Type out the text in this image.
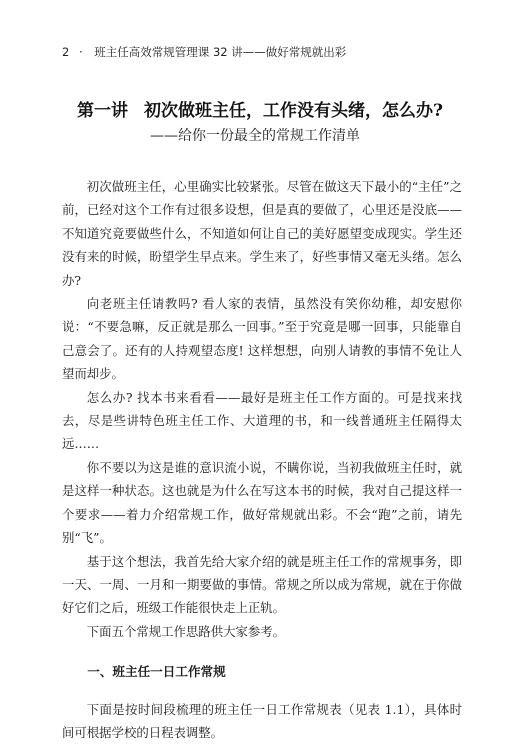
2 · 班主任高效常规管理课 32 讲——做好常规就出彩
第一讲 初次做班主任，工作没有头绪，怎么办?
——给你一份最全的常规工作清单

初次做班主任，心里确实比较紧张。尽管在做这天下最小的“主任”之前，已经对这个工作有过很多设想，但是真的要做了，心里还是没底——不知道究竟要做些什么，不知道如何让自己的美好愿望变成现实。学生还没有来的时候，盼望学生早点来。学生来了，好些事情又毫无头绪。怎么办?

向老班主任请教吗? 看人家的表情，虽然没有笑你幼稚，却安慰你说：“不要急嘛，反正就是那么一回事。”至于究竟是哪一回事，只能靠自己意会了。还有的人持观望态度! 这样想想，向别人请教的事情不免让人望而却步。

怎么办? 找本书来看看——最好是班主任工作方面的。可是找来找去，尽是些讲特色班主任工作、大道理的书，和一线普通班主任隔得太远……

你不要以为这是谁的意识流小说，不瞒你说，当初我做班主任时，就是这样一种状态。这也就是为什么在写这本书的时候，我对自己提这样一个要求——着力介绍常规工作，做好常规就出彩。不会“跑”之前，请先别“飞”。

基于这个想法，我首先给大家介绍的就是班主任工作的常规事务，即一天、一周、一月和一期要做的事情。常规之所以成为常规，就在于你做好它们之后，班级工作能很快走上正轨。

下面五个常规工作思路供大家参考。

一、班主任一日工作常规

下面是按时间段梳理的班主任一日工作常规表（见表 1.1），具体时间可根据学校的日程表调整。
